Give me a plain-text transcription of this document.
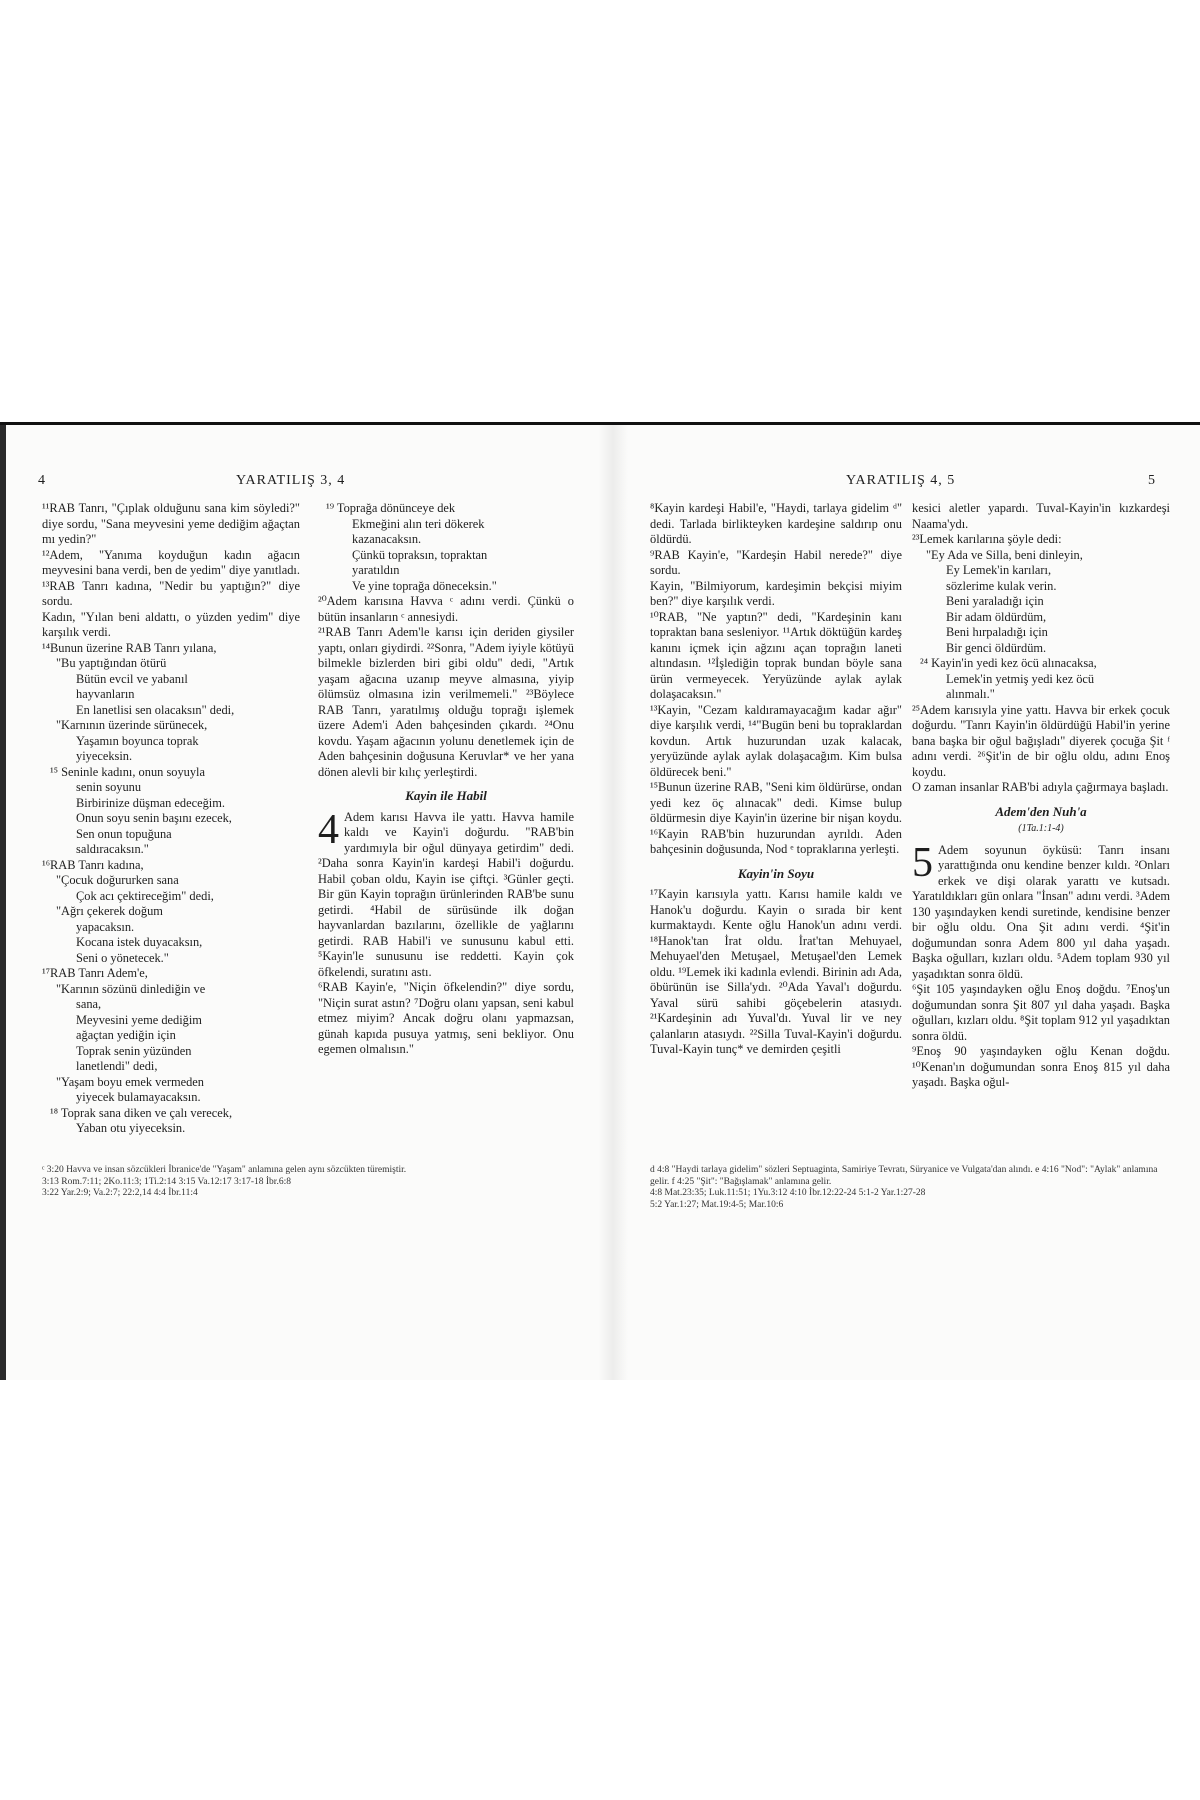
4	YARATILIŞ 3, 4

¹¹RAB Tanrı, "Çıplak olduğunu sana kim söyledi?" diye sordu, "Sana meyvesini yeme dediğim ağaçtan mı yedin?"

¹²Adem, "Yanıma koyduğun kadın ağacın meyvesini bana verdi, ben de yedim" diye yanıtladı.

¹³RAB Tanrı kadına, "Nedir bu yaptığın?" diye sordu.

Kadın, "Yılan beni aldattı, o yüzden yedim" diye karşılık verdi.

¹⁴Bunun üzerine RAB Tanrı yılana,

"Bu yaptığından ötürü

Bütün evcil ve yabanıl

hayvanların

En lanetlisi sen olacaksın" dedi,

"Karnının üzerinde sürünecek,

Yaşamın boyunca toprak

yiyeceksin.

¹⁵ Seninle kadını, onun soyuyla

senin soyunu

Birbirinize düşman edeceğim.

Onun soyu senin başını ezecek,

Sen onun topuğuna

saldıracaksın."

¹⁶RAB Tanrı kadına,

"Çocuk doğururken sana

Çok acı çektireceğim" dedi,

"Ağrı çekerek doğum

yapacaksın.

Kocana istek duyacaksın,

Seni o yönetecek."

¹⁷RAB Tanrı Adem'e,

"Karının sözünü dinlediğin ve

sana,

Meyvesini yeme dediğim

ağaçtan yediğin için

Toprak senin yüzünden

lanetlendi" dedi,

"Yaşam boyu emek vermeden

yiyecek bulamayacaksın.

¹⁸ Toprak sana diken ve çalı verecek,

Yaban otu yiyeceksin.

¹⁹ Toprağa dönünceye dek

Ekmeğini alın teri dökerek

kazanacaksın.

Çünkü topraksın, topraktan

yaratıldın

Ve yine toprağa döneceksin."

²⁰Adem karısına Havva ᶜ adını verdi. Çünkü o bütün insanların ᶜ annesiydi.

²¹RAB Tanrı Adem'le karısı için deriden giysiler yaptı, onları giydirdi. ²²Sonra, "Adem iyiyle kötüyü bilmekle bizlerden biri gibi oldu" dedi, "Artık yaşam ağacına uzanıp meyve almasına, yiyip ölümsüz olmasına izin verilmemeli." ²³Böylece RAB Tanrı, yaratılmış olduğu toprağı işlemek üzere Adem'i Aden bahçesinden çıkardı. ²⁴Onu kovdu. Yaşam ağacının yolunu denetlemek için de Aden bahçesinin doğusuna Keruvlar* ve her yana dönen alevli bir kılıç yerleştirdi.

Kayin ile Habil

4 Adem karısı Havva ile yattı. Havva hamile kaldı ve Kayin'i doğurdu. "RAB'bin yardımıyla bir oğul dünyaya getirdim" dedi. ²Daha sonra Kayin'in kardeşi Habil'i doğurdu. Habil çoban oldu, Kayin ise çiftçi. ³Günler geçti. Bir gün Kayin toprağın ürünlerinden RAB'be sunu getirdi. ⁴Habil de sürüsünde ilk doğan hayvanlardan bazılarını, özellikle de yağlarını getirdi. RAB Habil'i ve sunusunu kabul etti. ⁵Kayin'le sunusunu ise reddetti. Kayin çok öfkelendi, suratını astı.

⁶RAB Kayin'e, "Niçin öfkelendin?" diye sordu, "Niçin surat astın? ⁷Doğru olanı yapsan, seni kabul etmez miyim? Ancak doğru olanı yapmazsan, günah kapıda pusuya yatmış, seni bekliyor. Onu egemen olmalısın."

ᶜ 3:20 Havva ve insan sözcükleri İbranice'de "Yaşam" anlamına gelen aynı sözcükten türemiştir.

3:13 Rom.7:11; 2Ko.11:3; 1Ti.2:14 3:15 Va.12:17 3:17-18 İbr.6:8

3:22 Yar.2:9; Va.2:7; 22:2,14 4:4 İbr.11:4

YARATILIŞ 4, 5	5

⁸Kayin kardeşi Habil'e, "Haydi, tarlaya gidelim ᵈ" dedi. Tarlada birlikteyken kardeşine saldırıp onu öldürdü.

⁹RAB Kayin'e, "Kardeşin Habil nerede?" diye sordu.

Kayin, "Bilmiyorum, kardeşimin bekçisi miyim ben?" diye karşılık verdi.

¹⁰RAB, "Ne yaptın?" dedi, "Kardeşinin kanı topraktan bana sesleniyor. ¹¹Artık döktüğün kardeş kanını içmek için ağzını açan toprağın laneti altındasın. ¹²İşlediğin toprak bundan böyle sana ürün vermeyecek. Yeryüzünde aylak aylak dolaşacaksın."

¹³Kayin, "Cezam kaldıramayacağım kadar ağır" diye karşılık verdi, ¹⁴"Bugün beni bu topraklardan kovdun. Artık huzurundan uzak kalacak, yeryüzünde aylak aylak dolaşacağım. Kim bulsa öldürecek beni."

¹⁵Bunun üzerine RAB, "Seni kim öldürürse, ondan yedi kez öç alınacak" dedi. Kimse bulup öldürmesin diye Kayin'in üzerine bir nişan koydu. ¹⁶Kayin RAB'bin huzurundan ayrıldı. Aden bahçesinin doğusunda, Nod ᵉ topraklarına yerleşti.

Kayin'in Soyu

¹⁷Kayin karısıyla yattı. Karısı hamile kaldı ve Hanok'u doğurdu. Kayin o sırada bir kent kurmaktaydı. Kente oğlu Hanok'un adını verdi. ¹⁸Hanok'tan İrat oldu. İrat'tan Mehuyael, Mehuyael'den Metuşael, Metuşael'den Lemek oldu. ¹⁹Lemek iki kadınla evlendi. Birinin adı Ada, öbürünün ise Silla'ydı. ²⁰Ada Yaval'ı doğurdu. Yaval sürü sahibi göçebelerin atasıydı. ²¹Kardeşinin adı Yuval'dı. Yuval lir ve ney çalanların atasıydı. ²²Silla Tuval-Kayin'i doğurdu. Tuval-Kayin tunç* ve demirden çeşitli

kesici aletler yapardı. Tuval-Kayin'in kızkardeşi Naama'ydı.

²³Lemek karılarına şöyle dedi:

"Ey Ada ve Silla, beni dinleyin,

Ey Lemek'in karıları,

sözlerime kulak verin.

Beni yaraladığı için

Bir adam öldürdüm,

Beni hırpaladığı için

Bir genci öldürdüm.

²⁴ Kayin'in yedi kez öcü alınacaksa,

Lemek'in yetmiş yedi kez öcü

alınmalı."

²⁵Adem karısıyla yine yattı. Havva bir erkek çocuk doğurdu. "Tanrı Kayin'in öldürdüğü Habil'in yerine bana başka bir oğul bağışladı" diyerek çocuğa Şit ᶠ adını verdi. ²⁶Şit'in de bir oğlu oldu, adını Enoş koydu.

O zaman insanlar RAB'bi adıyla çağırmaya başladı.

Adem'den Nuh'a

(1Ta.1:1-4)

5 Adem soyunun öyküsü: Tanrı insanı yarattığında onu kendine benzer kıldı. ²Onları erkek ve dişi olarak yarattı ve kutsadı. Yaratıldıkları gün onlara "İnsan" adını verdi. ³Adem 130 yaşındayken kendi suretinde, kendisine benzer bir oğlu oldu. Ona Şit adını verdi. ⁴Şit'in doğumundan sonra Adem 800 yıl daha yaşadı. Başka oğulları, kızları oldu. ⁵Adem toplam 930 yıl yaşadıktan sonra öldü.

⁶Şit 105 yaşındayken oğlu Enoş doğdu. ⁷Enoş'un doğumundan sonra Şit 807 yıl daha yaşadı. Başka oğulları, kızları oldu. ⁸Şit toplam 912 yıl yaşadıktan sonra öldü.

⁹Enoş 90 yaşındayken oğlu Kenan doğdu. ¹⁰Kenan'ın doğumundan sonra Enoş 815 yıl daha yaşadı. Başka oğul-

d 4:8 "Haydi tarlaya gidelim" sözleri Septuaginta, Samiriye Tevratı, Süryanice ve Vulgata'dan alındı. e 4:16 "Nod": "Aylak" anlamına gelir. f 4:25 "Şit": "Bağışlamak" anlamına gelir.

4:8 Mat.23:35; Luk.11:51; 1Yu.3:12 4:10 İbr.12:22-24 5:1-2 Yar.1:27-28

5:2 Yar.1:27; Mat.19:4-5; Mar.10:6
